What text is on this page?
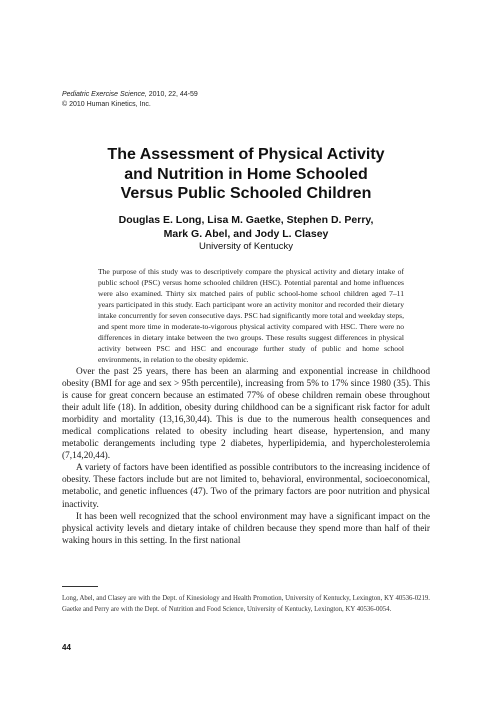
Pediatric Exercise Science, 2010, 22, 44-59
© 2010 Human Kinetics, Inc.
The Assessment of Physical Activity
and Nutrition in Home Schooled
Versus Public Schooled Children
Douglas E. Long, Lisa M. Gaetke, Stephen D. Perry,
Mark G. Abel, and Jody L. Clasey
University of Kentucky

The purpose of this study was to descriptively compare the physical activity and dietary intake of public school (PSC) versus home schooled children (HSC). Potential parental and home influences were also examined. Thirty six matched pairs of public school-home school children aged 7–11 years participated in this study. Each participant wore an activity monitor and recorded their dietary intake concurrently for seven consecutive days. PSC had significantly more total and weekday steps, and spent more time in moderate-to-vigorous physical activity compared with HSC. There were no differences in dietary intake between the two groups. These results suggest differences in physical activity between PSC and HSC and encourage further study of public and home school environments, in relation to the obesity epidemic.

Over the past 25 years, there has been an alarming and exponential increase in childhood obesity (BMI for age and sex > 95th percentile), increasing from 5% to 17% since 1980 (35). This is cause for great concern because an estimated 77% of obese children remain obese throughout their adult life (18). In addition, obesity during childhood can be a significant risk factor for adult morbidity and mortality (13,16,30,44). This is due to the numerous health consequences and medical complications related to obesity including heart disease, hypertension, and many metabolic derangements including type 2 diabetes, hyperlipidemia, and hypercholesterolemia (7,14,20,44).

A variety of factors have been identified as possible contributors to the increasing incidence of obesity. These factors include but are not limited to, behavioral, environmental, socioeconomical, metabolic, and genetic influences (47). Two of the primary factors are poor nutrition and physical inactivity.

It has been well recognized that the school environment may have a significant impact on the physical activity levels and dietary intake of children because they spend more than half of their waking hours in this setting. In the first national

Long, Abel, and Clasey are with the Dept. of Kinesiology and Health Promotion, University of Kentucky, Lexington, KY 40536-0219. Gaetke and Perry are with the Dept. of Nutrition and Food Science, University of Kentucky, Lexington, KY 40536-0054.

44
